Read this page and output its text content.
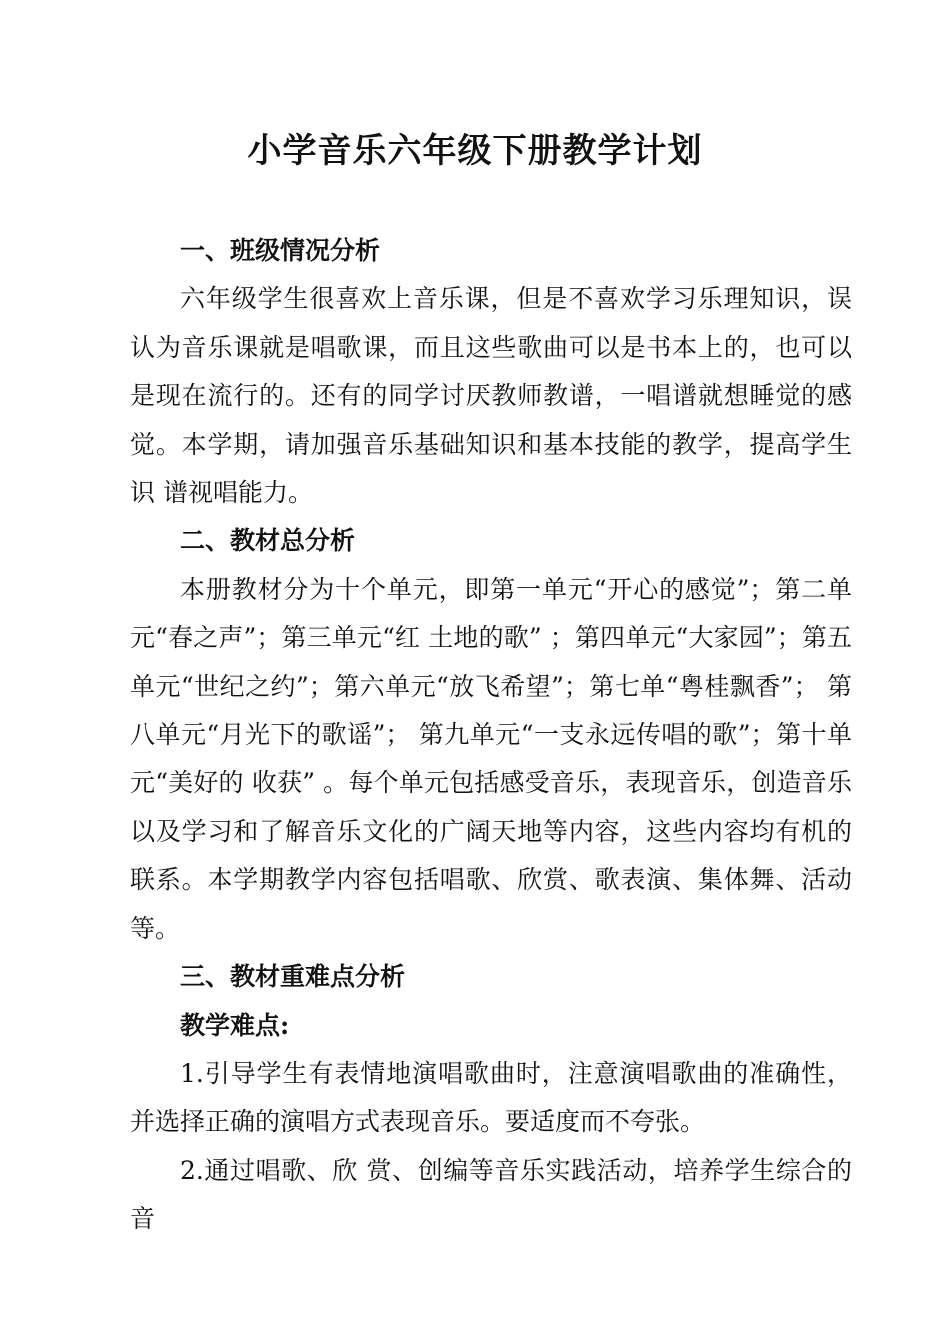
小学音乐六年级下册教学计划

一、班级情况分析

六年级学生很喜欢上音乐课，但是不喜欢学习乐理知识，误认为音乐课就是唱歌课，而且这些歌曲可以是书本上的，也可以是现在流行的。还有的同学讨厌教师教谱，一唱谱就想睡觉的感觉。本学期，请加强音乐基础知识和基本技能的教学，提高学生识 谱视唱能力。

二、教材总分析

本册教材分为十个单元，即第一单元“开心的感觉”；第二单元“春之声”；第三单元“红 土地的歌” ；第四单元“大家园”；第五单元“世纪之约”；第六单元“放飞希望”；第七单“粤桂飘香”； 第八单元“月光下的歌谣”； 第九单元“一支永远传唱的歌”；第十单元“美好的 收获” 。每个单元包括感受音乐，表现音乐，创造音乐以及学习和了解音乐文化的广阔天地等内容，这些内容均有机的联系。本学期教学内容包括唱歌、欣赏、歌表演、集体舞、活动等。

三、教材重难点分析

教学难点:

1.引导学生有表情地演唱歌曲时，注意演唱歌曲的准确性，并选择正确的演唱方式表现音乐。要适度而不夸张。

2.通过唱歌、欣 赏、创编等音乐实践活动，培养学生综合的音
